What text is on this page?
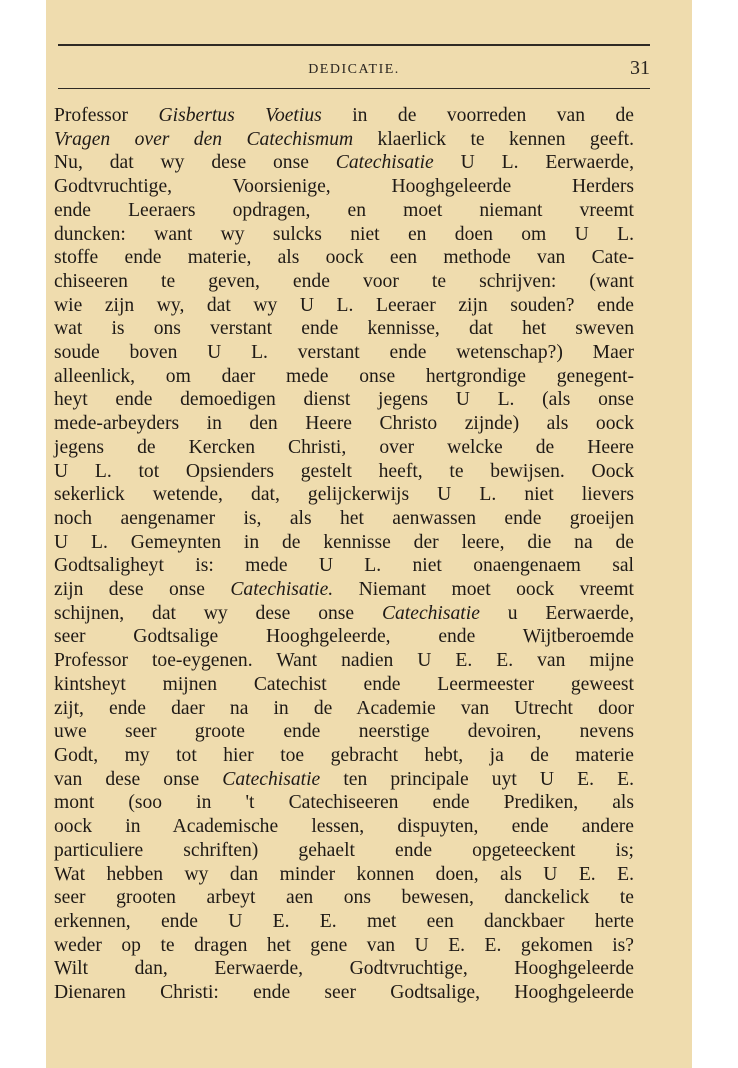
DEDICATIE.	31
Professor Gisbertus Voetius in de voorreden van de
Vragen over den Catechismum klaerlick te kennen geeft.
Nu, dat wy dese onse Catechisatie U L. Eerwaerde,
Godtvruchtige, Voorsienige, Hooghgeleerde Herders
ende Leeraers opdragen, en moet niemant vreemt
duncken: want wy sulcks niet en doen om U L.
stoffe ende materie, als oock een methode van Cate-
chiseeren te geven, ende voor te schrijven: (want
wie zijn wy, dat wy U L. Leeraer zijn souden? ende
wat is ons verstant ende kennisse, dat het sweven
soude boven U L. verstant ende wetenschap?) Maer
alleenlick, om daer mede onse hertgrondige genegent-
heyt ende demoedigen dienst jegens U L. (als onse
mede-arbeyders in den Heere Christo zijnde) als oock
jegens de Kercken Christi, over welcke de Heere
U L. tot Opsienders gestelt heeft, te bewijsen. Oock
sekerlick wetende, dat, gelijckerwijs U L. niet lievers
noch aengenamer is, als het aenwassen ende groeijen
U L. Gemeynten in de kennisse der leere, die na de
Godtsaligheyt is: mede U L. niet onaengenaem sal
zijn dese onse Catechisatie. Niemant moet oock vreemt
schijnen, dat wy dese onse Catechisatie u Eerwaerde,
seer Godtsalige Hooghgeleerde, ende Wijtberoemde
Professor toe-eygenen. Want nadien U E. E. van mijne
kintsheyt mijnen Catechist ende Leermeester geweest
zijt, ende daer na in de Academie van Utrecht door
uwe seer groote ende neerstige devoiren, nevens
Godt, my tot hier toe gebracht hebt, ja de materie
van dese onse Catechisatie ten principale uyt U E. E.
mont (soo in 't Catechiseeren ende Prediken, als
oock in Academische lessen, dispuyten, ende andere
particuliere schriften) gehaelt ende opgeteeckent is;
Wat hebben wy dan minder konnen doen, als U E. E.
seer grooten arbeyt aen ons bewesen, danckelick te
erkennen, ende U E. E. met een danckbaer herte
weder op te dragen het gene van U E. E. gekomen is?
Wilt dan, Eerwaerde, Godtvruchtige, Hooghgeleerde
Dienaren Christi: ende seer Godtsalige, Hooghgeleerde
